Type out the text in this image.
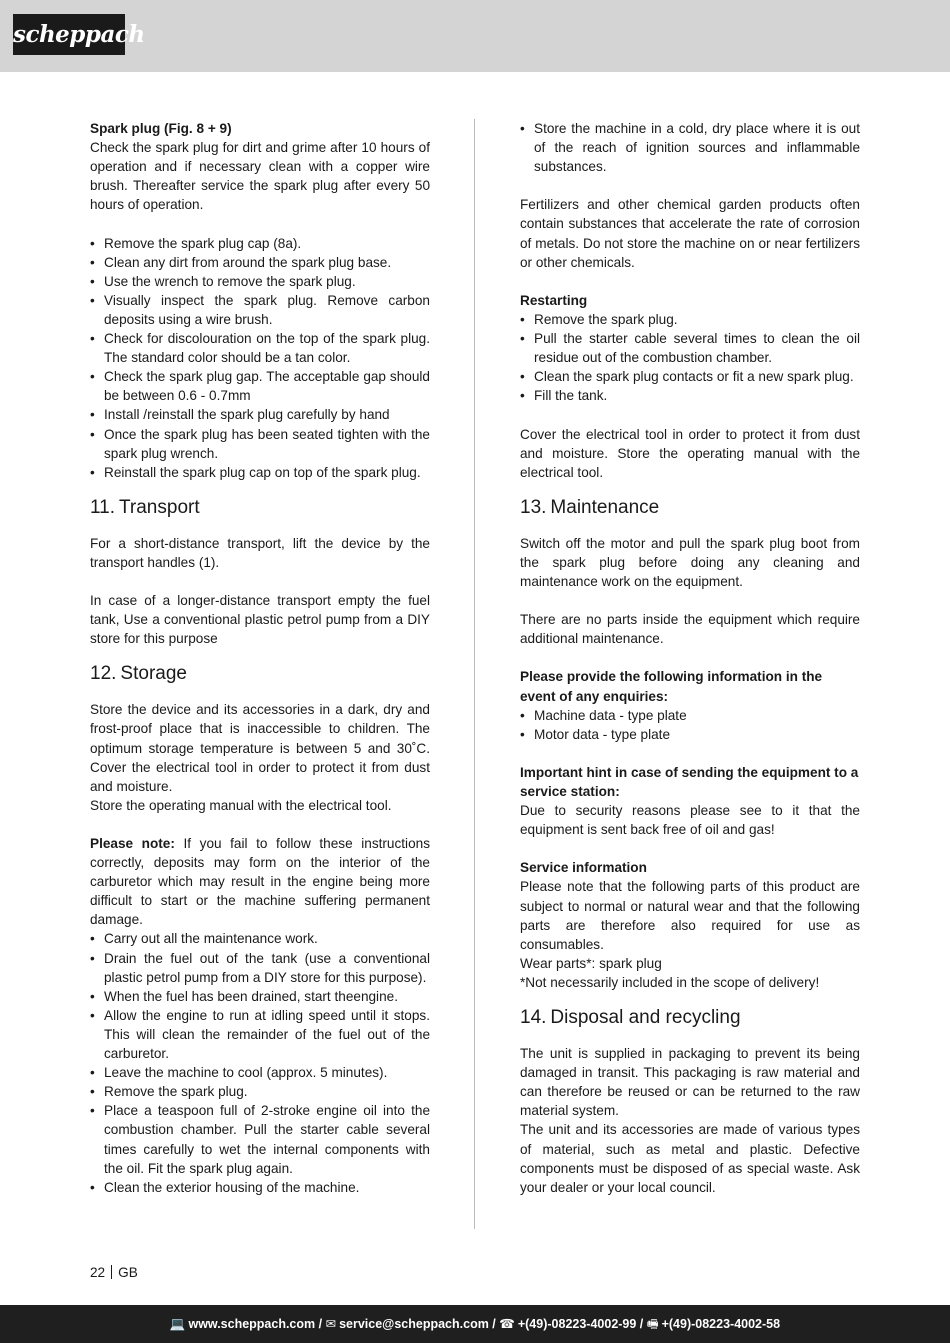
scheppach
Spark plug (Fig. 8 + 9)

Check the spark plug for dirt and grime after 10 hours of operation and if necessary clean with a copper wire brush. Thereafter service the spark plug after every 50 hours of operation.

• Remove the spark plug cap (8a).
• Clean any dirt from around the spark plug base.
• Use the wrench to remove the spark plug.
• Visually inspect the spark plug. Remove carbon deposits using a wire brush.
• Check for discolouration on the top of the spark plug. The standard color should be a tan color.
• Check the spark plug gap. The acceptable gap should be between 0.6 - 0.7mm
• Install /reinstall the spark plug carefully by hand
• Once the spark plug has been seated tighten with the spark plug wrench.
• Reinstall the spark plug cap on top of the spark plug.
11. Transport

For a short-distance transport, lift the device by the transport handles (1).

In case of a longer-distance transport empty the fuel tank, Use a conventional plastic petrol pump from a DIY store for this purpose

12. Storage

Store the device and its accessories in a dark, dry and frost-proof place that is inaccessible to children. The optimum storage temperature is between 5 and 30˚C. Cover the electrical tool in order to protect it from dust and moisture.

Store the operating manual with the electrical tool.

Please note: If you fail to follow these instructions correctly, deposits may form on the interior of the carburetor which may result in the engine being more difficult to start or the machine suffering permanent damage.

• Carry out all the maintenance work.
• Drain the fuel out of the tank (use a conventional plastic petrol pump from a DIY store for this purpose).
• When the fuel has been drained, start theengine.
• Allow the engine to run at idling speed until it stops. This will clean the remainder of the fuel out of the carburetor.
• Leave the machine to cool (approx. 5 minutes).
• Remove the spark plug.
• Place a teaspoon full of 2-stroke engine oil into the combustion chamber. Pull the starter cable several times carefully to wet the internal components with the oil. Fit the spark plug again.
• Clean the exterior housing of the machine.
• Store the machine in a cold, dry place where it is out of the reach of ignition sources and inflammable substances.

Fertilizers and other chemical garden products often contain substances that accelerate the rate of corrosion of metals. Do not store the machine on or near fertilizers or other chemicals.

Restarting
• Remove the spark plug.
• Pull the starter cable several times to clean the oil residue out of the combustion chamber.
• Clean the spark plug contacts or fit a new spark plug.
• Fill the tank.

Cover the electrical tool in order to protect it from dust and moisture. Store the operating manual with the electrical tool.

13. Maintenance

Switch off the motor and pull the spark plug boot from the spark plug before doing any cleaning and maintenance work on the equipment.

There are no parts inside the equipment which require additional maintenance.

Please provide the following information in the event of any enquiries:
• Machine data - type plate
• Motor data - type plate
Important hint in case of sending the equipment to a service station:

Due to security reasons please see to it that the equipment is sent back free of oil and gas!

Service information

Please note that the following parts of this product are subject to normal or natural wear and that the following parts are therefore also required for use as consumables.

Wear parts*: spark plug

*Not necessarily included in the scope of delivery!

14. Disposal and recycling

The unit is supplied in packaging to prevent its being damaged in transit. This packaging is raw material and can therefore be reused or can be returned to the raw material system.

The unit and its accessories are made of various types of material, such as metal and plastic. Defective components must be disposed of as special waste. Ask your dealer or your local council.

22 GB
💻 www.scheppach.com / ✉ service@scheppach.com / ☎ +(49)-08223-4002-99 / 🖷 +(49)-08223-4002-58
